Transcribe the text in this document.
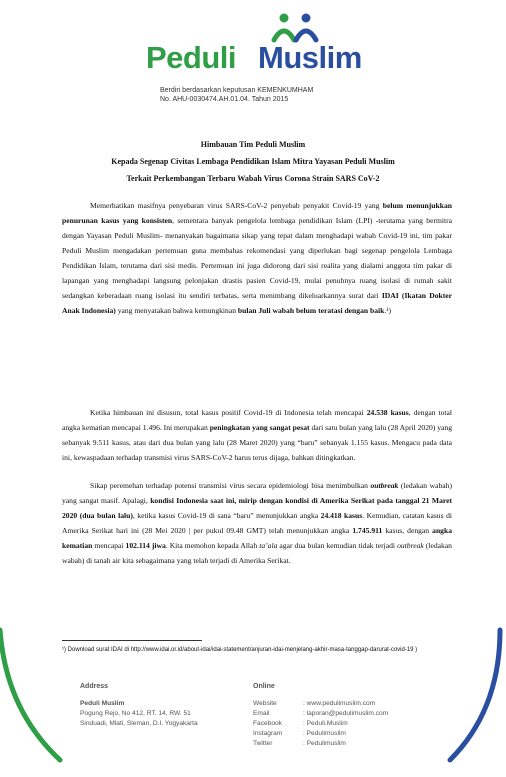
Peduli Muslim
Berdiri berdasarkan keputusan KEMENKUMHAM
No. AHU-0030474.AH.01.04. Tahun 2015
Himbauan Tim Peduli Muslim
Kepada Segenap Civitas Lembaga Pendidikan Islam Mitra Yayasan Peduli Muslim
Terkait Perkembangan Terbaru Wabah Virus Corona Strain SARS CoV-2

Memerhatikan masifnya penyebaran virus SARS-CoV-2 penyebab penyakit Covid-19 yang belum menunjukkan penurunan kasus yang konsisten, sementara banyak pengelola lembaga pendidikan Islam (LPI) -terutama yang bermitra dengan Yayasan Peduli Muslim- menanyakan bagaimana sikap yang tepat dalam menghadapi wabah Covid-19 ini, tim pakar Peduli Muslim mengadakan pertemuan guna membahas rekomendasi yang diperlukan bagi segenap pengelola Lembaga Pendidikan Islam, terutama dari sisi medis. Pertemuan ini juga didorong dari sisi realita yang dialami anggota tim pakar di lapangan yang menghadapi langsung pelonjakan drastis pasien Covid-19, mulai penuhnya ruang isolasi di rumah sakit sedangkan keberadaan ruang isolasi itu sendiri terbatas, serta menimbang dikeluarkannya surat dari IDAI (Ikatan Dokter Anak Indonesia) yang menyatakan bahwa kemungkinan bulan Juli wabah belum teratasi dengan baik.¹)

Ketika himbauan ini disusun, total kasus positif Covid-19 di Indonesia telah mencapai 24.538 kasus, dengan total angka kematian mencapai 1.496. Ini merupakan peningkatan yang sangat pesat dari satu bulan yang lalu (28 April 2020) yang sebanyak 9.511 kasus, atau dari dua bulan yang lalu (28 Maret 2020) yang “baru” sebanyak 1.155 kasus. Mengacu pada data ini, kewaspadaan terhadap transmisi virus SARS-CoV-2 harus terus dijaga, bahkan ditingkatkan.

Sikap peremehan terhadap potensi transmisi virus secara epidemiologi bisa menimbulkan outbreak (ledakan wabah) yang sangat masif. Apalagi, kondisi Indonesia saat ini, mirip dengan kondisi di Amerika Serikat pada tanggal 21 Maret 2020 (dua bulan lalu), ketika kasus Covid-19 di sana “baru” menunjukkan angka 24.418 kasus. Kemudian, catatan kasus di Amerika Serikat hari ini (28 Mei 2020 | per pukul 09.48 GMT) telah menunjukkan angka 1.745.911 kasus, dengan angka kematian mencapai 102.114 jiwa. Kita memohon kepada Allah ta’ala agar dua bulan kemudian tidak terjadi outbreak (ledakan wabah) di tanah air kita sebagaimana yang telah terjadi di Amerika Serikat.

¹) Download surat IDAI di http://www.idai.or.id/about-idai/idai-statement/anjuran-idai-menjelang-akhir-masa-tanggap-darurat-covid-19 )
Address	Online
Peduli Muslim
Pogung Rejo, No 412, RT. 14, RW. 51
Sinduadi, Mlati, Sleman, D.I. Yogyakarta
Website	: www.pedulimuslim.com
Email	: laporan@pedulimuslim.com
Facebook	: Peduli.Muslim
Instagram	: Pedulimuslim
Twitter	: Pedulimuslim
